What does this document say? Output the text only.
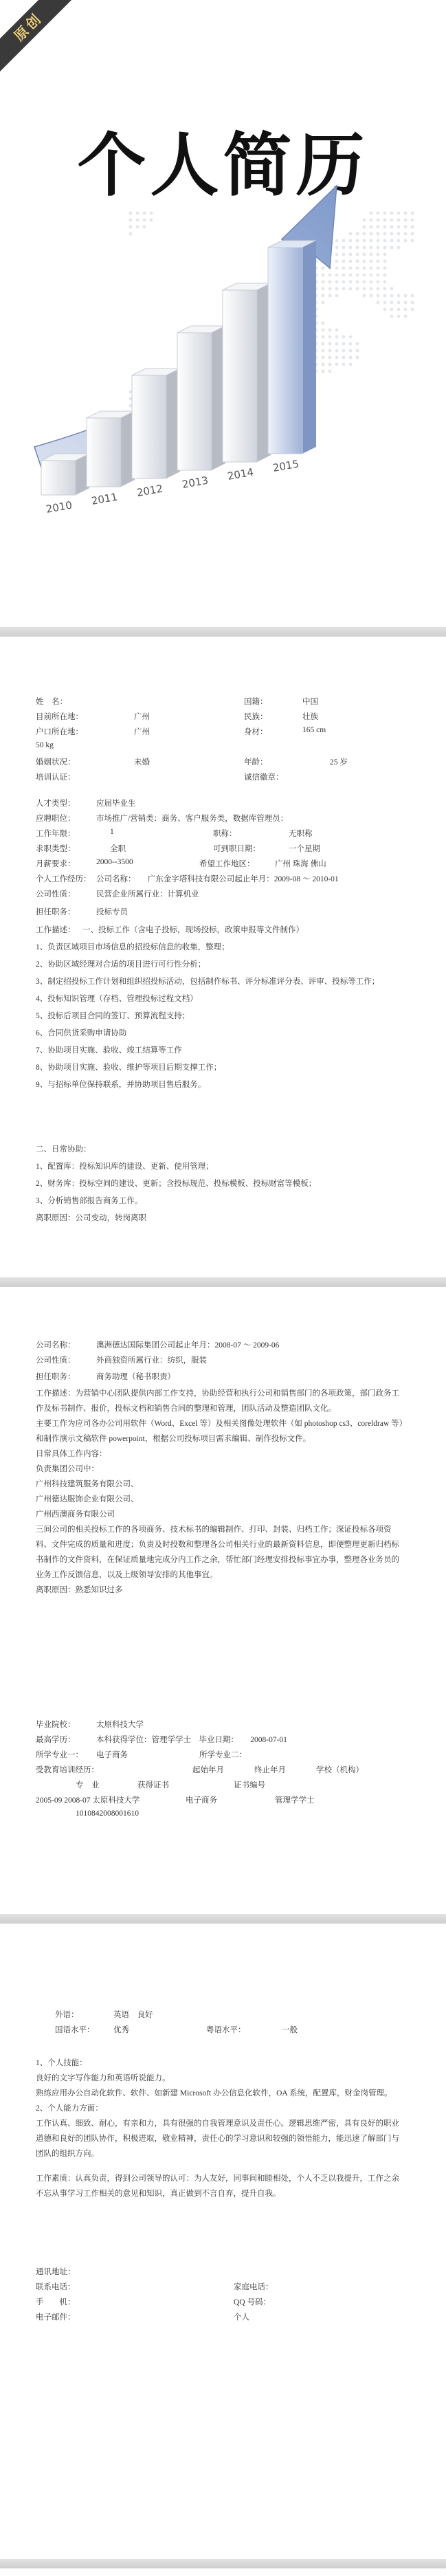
原创
个人简历
2010 2011 2012 2013 2014 2015
姓　名：	国籍：	中国
目前所在地：	广州	民族：	壮族
户口所在地：	广州	身材：	165 cm
50 kg
婚姻状况：	未婚	年龄：	25 岁
培训认证：	诚信徽章：
人才类型：	应届毕业生
应聘职位：	市场推广/营销类：商务、客户服务类，数据库管理员：
工作年限：	1	职称：	无职称
求职类型：	全职	可到职日期：	一个星期
月薪要求：	2000--3500	希望工作地区：	广州 珠海 佛山
个人工作经历： 公司名称：　　广东金字塔科技有限公司起止年月：2009-08 ～ 2010-01
公司性质：	民营企业所属行业：计算机业
担任职务：	投标专员
工作描述： 一、投标工作（含电子投标，现场投标，政策申报等文件制作）
1、负责区域项目市场信息的招投标信息的收集，整理；
2、协助区域经理对合适的项目进行可行性分析；
3、制定招投标工作计划和组织招投标活动，包括制作标书、评分标准评分表、评审、投标等工作；
4、投标知识管理（存档、管理投标过程文档）
5、投标后项目合同的签订、预算流程支持；
6、合同供货采购申请协助
7、协助项目实施、验收、竣工结算等工作
8、协助项目实施、验收、维护等项目后期支撑工作；
9、与招标单位保持联系，并协助项目售后服务。
二、日常协助：
1、配置库：投标知识库的建设、更新、使用管理；
2、财务库：投标空间的建设、更新；含投标规范、投标模板、投标财富等模板；
3、分析销售部报告商务工作。
离职原因：公司变动，转岗离职
公司名称：	澳洲德达国际集团公司起止年月：2008-07 ～ 2009-06
公司性质：	外商独资所属行业：纺织，服装
担任职务：	商务助理（秘书职责）
工作描述：为营销中心团队提供内部工作支持，协助经营和执行公司和销售部门的各项政策，部门政务工作及标书制作、报价，投标文档和销售合同的整理和管理，团队活动及整造团队文化。
主要工作为应司各办公司用软件（Word、Excel 等）及相关图像处理软件（如 photoshop cs3、coreldraw 等）和制作演示文稿软件 powerpoint，根据公司投标项目需求编辑、制作投标文件。
日常具体工作内容：
负责集团公司中：
广州科技建筑服务有限公司、
广州德达服饰企业有限公司、
广州西澳商务有限公司
三间公司的相关投标工作的各项商务、技术标书的编辑制作、打印、封装、归档工作；深证投标各项资料、文件完成的质量和进度；负责及时投数和整理各公司相关行业的最新资料信息，即便整理更新归档标书制作的文件资料，在保证质量地完成分内工作之余，帮忙部门经理安排投标事宜办事，整理各业务员的业务工作反馈信息，以及上级领导安排的其他事宜。
离职原因：熟悉知识过多
毕业院校：	太原科技大学
最高学历：	本科获得学位：管理学学士　毕业日期：　　2008-07-01
所学专业一： 电子商务	所学专业二：
受教育培训经历：	起始年月	终止年月	学校（机构）
专　业	获得证书	证书编号
2005-09 2008-07 太原科技大学	电子商务	管理学学士
1010842008001610
外语：	英语　良好
国语水平： 优秀	粤语水平：	一般
1、个人技能：
良好的文字写作能力和英语听说能力。
熟练应用办公自动化软件、软件、如新建 Microsoft 办公信息化软件，OA 系统，配置库，财金岗管理。
2、个人能力方面：
工作认真、细致、耐心，有亲和力，具有很强的自我管理意识及责任心。逻辑思维严密，具有良好的职业道德和良好的团队协作，积极进取，敬业精神，责任心的学习意识和较强的领悟能力，能迅速了解部门与团队的组织方向。
工作素质：认真负责，得到公司领导的认可：为人友好，同事间和睦相处，个人不乏以我提升，工作之余不忘从事学习工作相关的意见和知识，真正做到不言自弃，提升自我。
通讯地址：
联系电话：	家庭电话：
手　　机：	QQ 号码：
电子邮件：	个人
